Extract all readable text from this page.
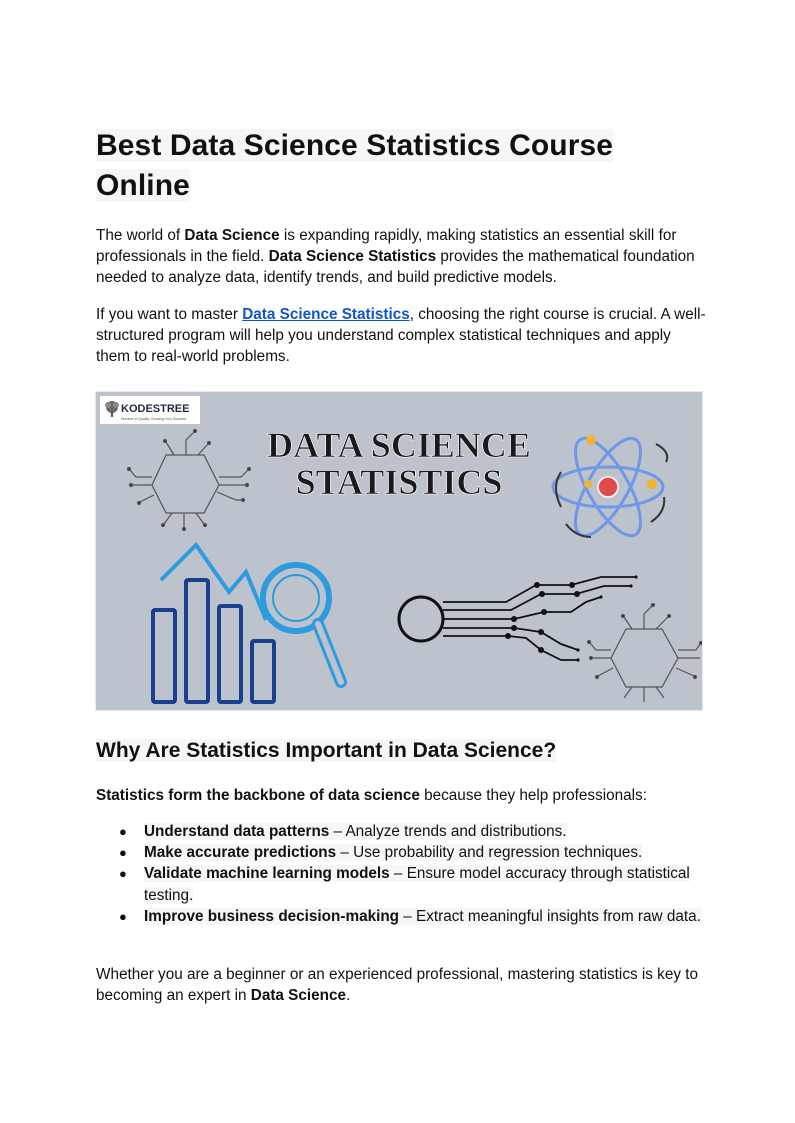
Best Data Science Statistics Course Online

The world of Data Science is expanding rapidly, making statistics an essential skill for professionals in the field. Data Science Statistics provides the mathematical foundation needed to analyze data, identify trends, and build predictive models.

If you want to master Data Science Statistics, choosing the right course is crucial. A well-structured program will help you understand complex statistical techniques and apply them to real-world problems.

KODESTREE
Number of Quality, Growing Your Success
DATA SCIENCE
STATISTICS
Why Are Statistics Important in Data Science?

Statistics form the backbone of data science because they help professionals:

● Understand data patterns – Analyze trends and distributions.
● Make accurate predictions – Use probability and regression techniques.
● Validate machine learning models – Ensure model accuracy through statistical testing.
● Improve business decision-making – Extract meaningful insights from raw data.

Whether you are a beginner or an experienced professional, mastering statistics is key to becoming an expert in Data Science.
